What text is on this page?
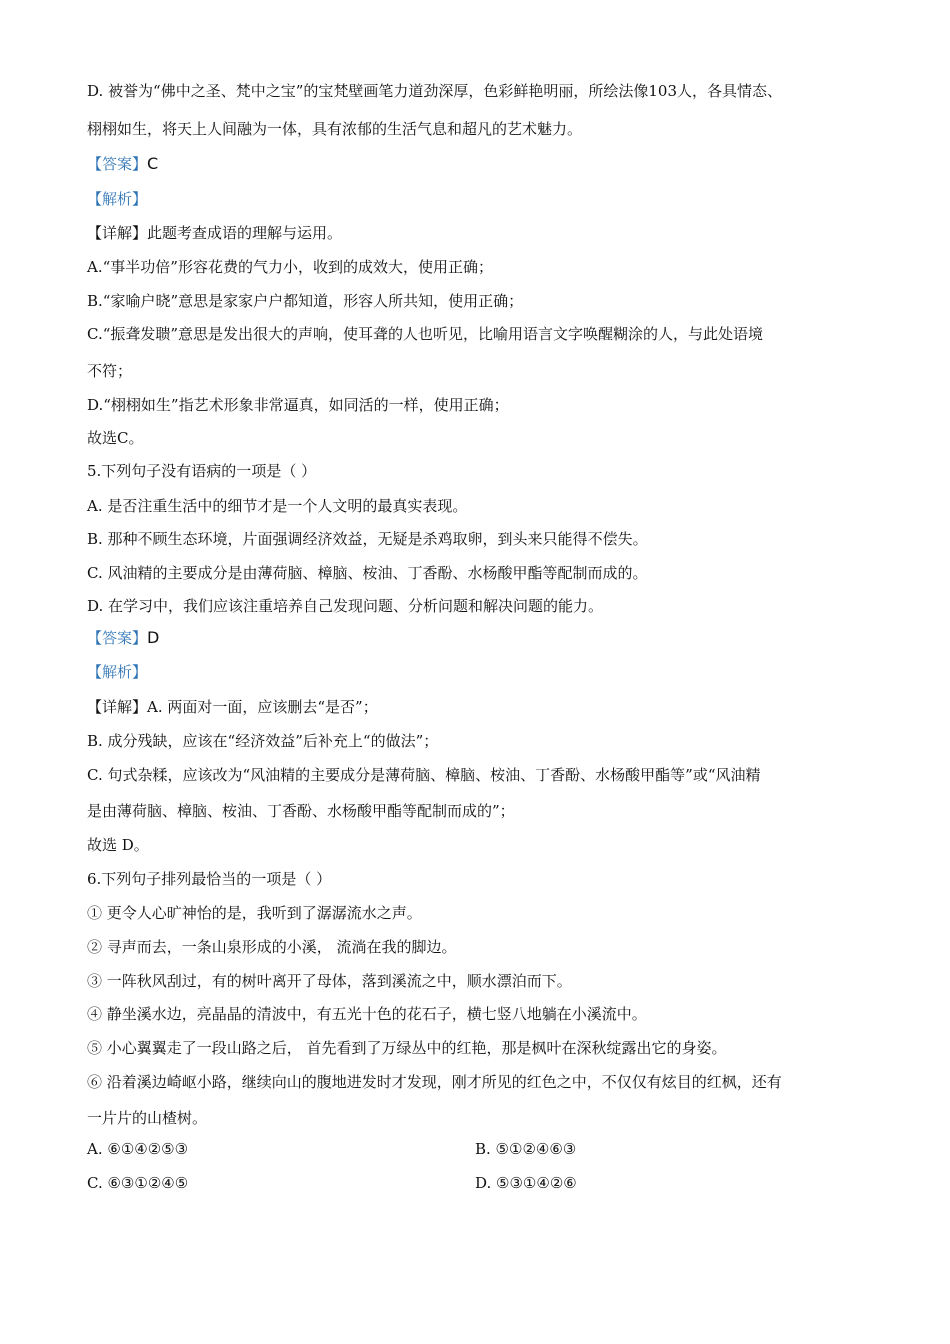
D. 被誉为“佛中之圣、梵中之宝”的宝梵壁画笔力道劲深厚，色彩鲜艳明丽，所绘法像103人，各具情态、
栩栩如生，将天上人间融为一体，具有浓郁的生活气息和超凡的艺术魅力。
【答案】C
【解析】
【详解】此题考查成语的理解与运用。
A.“事半功倍”形容花费的气力小，收到的成效大，使用正确；
B.“家喻户晓”意思是家家户户都知道，形容人所共知，使用正确；
C.“振聋发聩”意思是发出很大的声响，使耳聋的人也听见，比喻用语言文字唤醒糊涂的人，与此处语境
不符；
D.“栩栩如生”指艺术形象非常逼真，如同活的一样，使用正确；
故选C。
5.下列句子没有语病的一项是（ ）
A. 是否注重生活中的细节才是一个人文明的最真实表现。
B. 那种不顾生态环境，片面强调经济效益，无疑是杀鸡取卵，到头来只能得不偿失。
C. 风油精的主要成分是由薄荷脑、樟脑、桉油、丁香酚、水杨酸甲酯等配制而成的。
D. 在学习中，我们应该注重培养自己发现问题、分析问题和解决问题的能力。
【答案】D
【解析】
【详解】A. 两面对一面，应该删去“是否”；
B. 成分残缺，应该在“经济效益”后补充上“的做法”；
C. 句式杂糅，应该改为“风油精的主要成分是薄荷脑、樟脑、桉油、丁香酚、水杨酸甲酯等”或“风油精
是由薄荷脑、樟脑、桉油、丁香酚、水杨酸甲酯等配制而成的”；
故选 D。
6.下列句子排列最恰当的一项是（ ）
① 更令人心旷神怡的是，我听到了潺潺流水之声。
② 寻声而去，一条山泉形成的小溪， 流淌在我的脚边。
③ 一阵秋风刮过，有的树叶离开了母体，落到溪流之中，顺水漂泊而下。
④ 静坐溪水边，亮晶晶的清波中，有五光十色的花石子，横七竖八地躺在小溪流中。
⑤ 小心翼翼走了一段山路之后， 首先看到了万绿丛中的红艳，那是枫叶在深秋绽露出它的身姿。
⑥ 沿着溪边崎岖小路，继续向山的腹地进发时才发现，刚才所见的红色之中，不仅仅有炫目的红枫，还有
一片片的山楂树。
A. ⑥①④②⑤③	B. ⑤①②④⑥③
C. ⑥③①②④⑤	D. ⑤③①④②⑥
